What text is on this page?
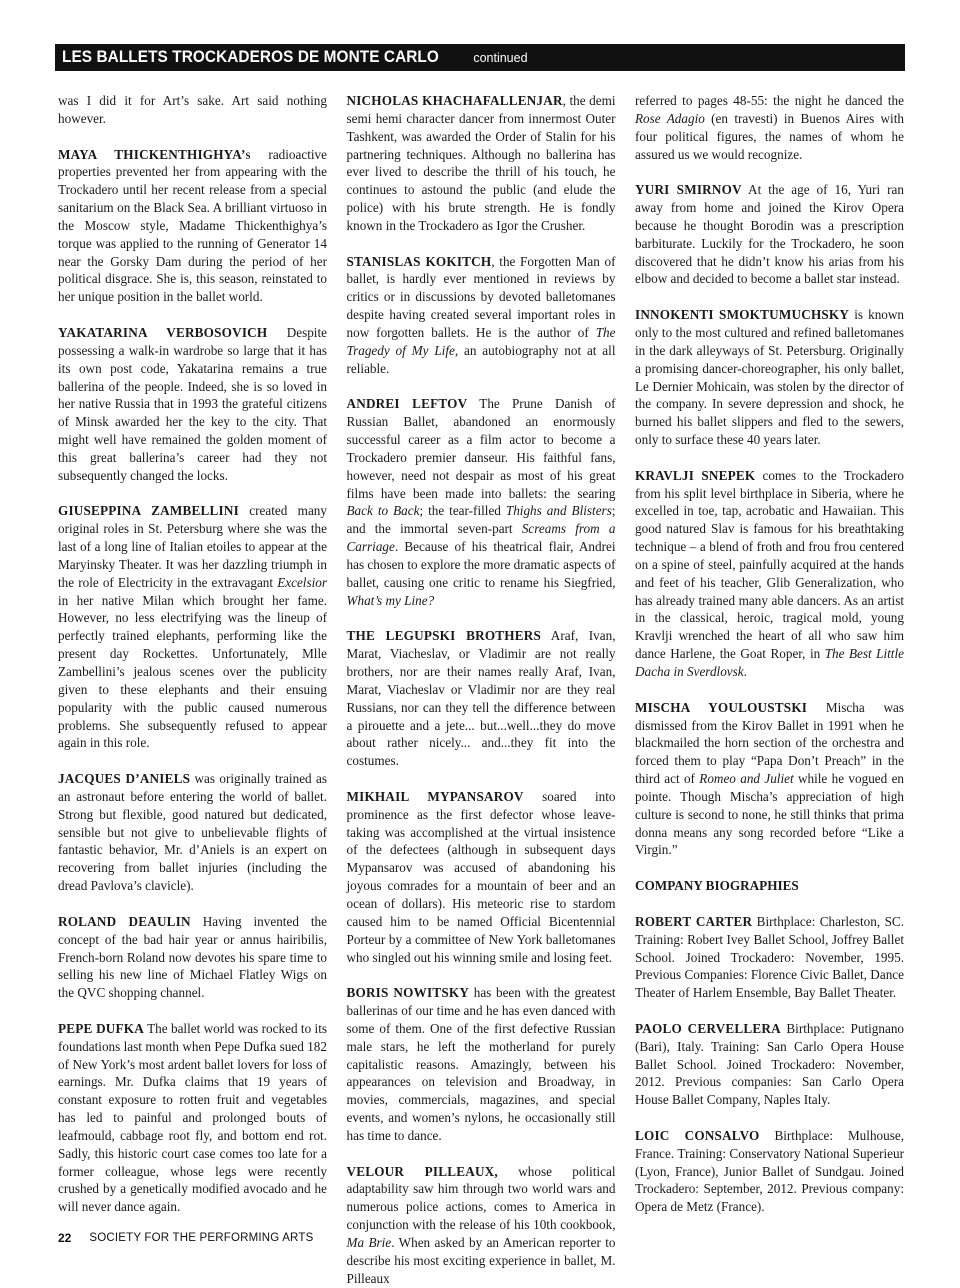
LES BALLETS TROCKADEROS DE MONTE CARLO	continued

was I did it for Art’s sake. Art said nothing however.

MAYA THICKENTHIGHYA’s radioactive properties prevented her from appearing with the Trockadero until her recent release from a special sanitarium on the Black Sea. A brilliant virtuoso in the Moscow style, Madame Thickenthighya’s torque was applied to the running of Generator 14 near the Gorsky Dam during the period of her political disgrace. She is, this season, reinstated to her unique position in the ballet world.

YAKATARINA VERBOSOVICH Despite possessing a walk-in wardrobe so large that it has its own post code, Yakatarina remains a true ballerina of the people. Indeed, she is so loved in her native Russia that in 1993 the grateful citizens of Minsk awarded her the key to the city. That might well have remained the golden moment of this great ballerina’s career had they not subsequently changed the locks.

GIUSEPPINA ZAMBELLINI created many original roles in St. Petersburg where she was the last of a long line of Italian etoiles to appear at the Maryinsky Theater. It was her dazzling triumph in the role of Electricity in the extravagant Excelsior in her native Milan which brought her fame. However, no less electrifying was the lineup of perfectly trained elephants, performing like the present day Rockettes. Unfortunately, Mlle Zambellini’s jealous scenes over the publicity given to these elephants and their ensuing popularity with the public caused numerous problems. She subsequently refused to appear again in this role.

JACQUES D’ANIELS was originally trained as an astronaut before entering the world of ballet. Strong but flexible, good natured but dedicated, sensible but not give to unbelievable flights of fantastic behavior, Mr. d’Aniels is an expert on recovering from ballet injuries (including the dread Pavlova’s clavicle).

ROLAND DEAULIN Having invented the concept of the bad hair year or annus hairibilis, French-born Roland now devotes his spare time to selling his new line of Michael Flatley Wigs on the QVC shopping channel.

PEPE DUFKA The ballet world was rocked to its foundations last month when Pepe Dufka sued 182 of New York’s most ardent ballet lovers for loss of earnings. Mr. Dufka claims that 19 years of constant exposure to rotten fruit and vegetables has led to painful and prolonged bouts of leafmould, cabbage root fly, and bottom end rot. Sadly, this historic court case comes too late for a former colleague, whose legs were recently crushed by a genetically modified avocado and he will never dance again.

NICHOLAS KHACHAFALLENJAR, the demi semi hemi character dancer from innermost Outer Tashkent, was awarded the Order of Stalin for his partnering techniques. Although no ballerina has ever lived to describe the thrill of his touch, he continues to astound the public (and elude the police) with his brute strength. He is fondly known in the Trockadero as Igor the Crusher.

STANISLAS KOKITCH, the Forgotten Man of ballet, is hardly ever mentioned in reviews by critics or in discussions by devoted balletomanes despite having created several important roles in now forgotten ballets. He is the author of The Tragedy of My Life, an autobiography not at all reliable.

ANDREI LEFTOV The Prune Danish of Russian Ballet, abandoned an enormously successful career as a film actor to become a Trockadero premier danseur. His faithful fans, however, need not despair as most of his great films have been made into ballets: the searing Back to Back; the tear-filled Thighs and Blisters; and the immortal seven-part Screams from a Carriage. Because of his theatrical flair, Andrei has chosen to explore the more dramatic aspects of ballet, causing one critic to rename his Siegfried, What’s my Line?

THE LEGUPSKI BROTHERS Araf, Ivan, Marat, Viacheslav, or Vladimir are not really brothers, nor are their names really Araf, Ivan, Marat, Viacheslav or Vladimir nor are they real Russians, nor can they tell the difference between a pirouette and a jete... but...well...they do move about rather nicely... and...they fit into the costumes.

MIKHAIL MYPANSAROV soared into prominence as the first defector whose leave-taking was accomplished at the virtual insistence of the defectees (although in subsequent days Mypansarov was accused of abandoning his joyous comrades for a mountain of beer and an ocean of dollars). His meteoric rise to stardom caused him to be named Official Bicentennial Porteur by a committee of New York balletomanes who singled out his winning smile and losing feet.

BORIS NOWITSKY has been with the greatest ballerinas of our time and he has even danced with some of them. One of the first defective Russian male stars, he left the motherland for purely capitalistic reasons. Amazingly, between his appearances on television and Broadway, in movies, commercials, magazines, and special events, and women’s nylons, he occasionally still has time to dance.

VELOUR PILLEAUX, whose political adaptability saw him through two world wars and numerous police actions, comes to America in conjunction with the release of his 10th cookbook, Ma Brie. When asked by an American reporter to describe his most exciting experience in ballet, M. Pilleaux

referred to pages 48-55: the night he danced the Rose Adagio (en travesti) in Buenos Aires with four political figures, the names of whom he assured us we would recognize.

YURI SMIRNOV At the age of 16, Yuri ran away from home and joined the Kirov Opera because he thought Borodin was a prescription barbiturate. Luckily for the Trockadero, he soon discovered that he didn’t know his arias from his elbow and decided to become a ballet star instead.

INNOKENTI SMOKTUMUCHSKY is known only to the most cultured and refined balletomanes in the dark alleyways of St. Petersburg. Originally a promising dancer-choreographer, his only ballet, Le Dernier Mohicain, was stolen by the director of the company. In severe depression and shock, he burned his ballet slippers and fled to the sewers, only to surface these 40 years later.

KRAVLJI SNEPEK comes to the Trockadero from his split level birthplace in Siberia, where he excelled in toe, tap, acrobatic and Hawaiian. This good natured Slav is famous for his breathtaking technique – a blend of froth and frou frou centered on a spine of steel, painfully acquired at the hands and feet of his teacher, Glib Generalization, who has already trained many able dancers. As an artist in the classical, heroic, tragical mold, young Kravlji wrenched the heart of all who saw him dance Harlene, the Goat Roper, in The Best Little Dacha in Sverdlovsk.

MISCHA YOULOUSTSKI Mischa was dismissed from the Kirov Ballet in 1991 when he blackmailed the horn section of the orchestra and forced them to play “Papa Don’t Preach” in the third act of Romeo and Juliet while he vogued en pointe. Though Mischa’s appreciation of high culture is second to none, he still thinks that prima donna means any song recorded before “Like a Virgin.”

COMPANY BIOGRAPHIES

ROBERT CARTER Birthplace: Charleston, SC. Training: Robert Ivey Ballet School, Joffrey Ballet School. Joined Trockadero: November, 1995. Previous Companies: Florence Civic Ballet, Dance Theater of Harlem Ensemble, Bay Ballet Theater.

PAOLO CERVELLERA Birthplace: Putignano (Bari), Italy. Training: San Carlo Opera House Ballet School. Joined Trockadero: November, 2012. Previous companies: San Carlo Opera House Ballet Company, Naples Italy.

LOIC CONSALVO Birthplace: Mulhouse, France. Training: Conservatory National Superieur (Lyon, France), Junior Ballet of Sundgau. Joined Trockadero: September, 2012. Previous company: Opera de Metz (France).

22 SOCIETY FOR THE PERFORMING ARTS
